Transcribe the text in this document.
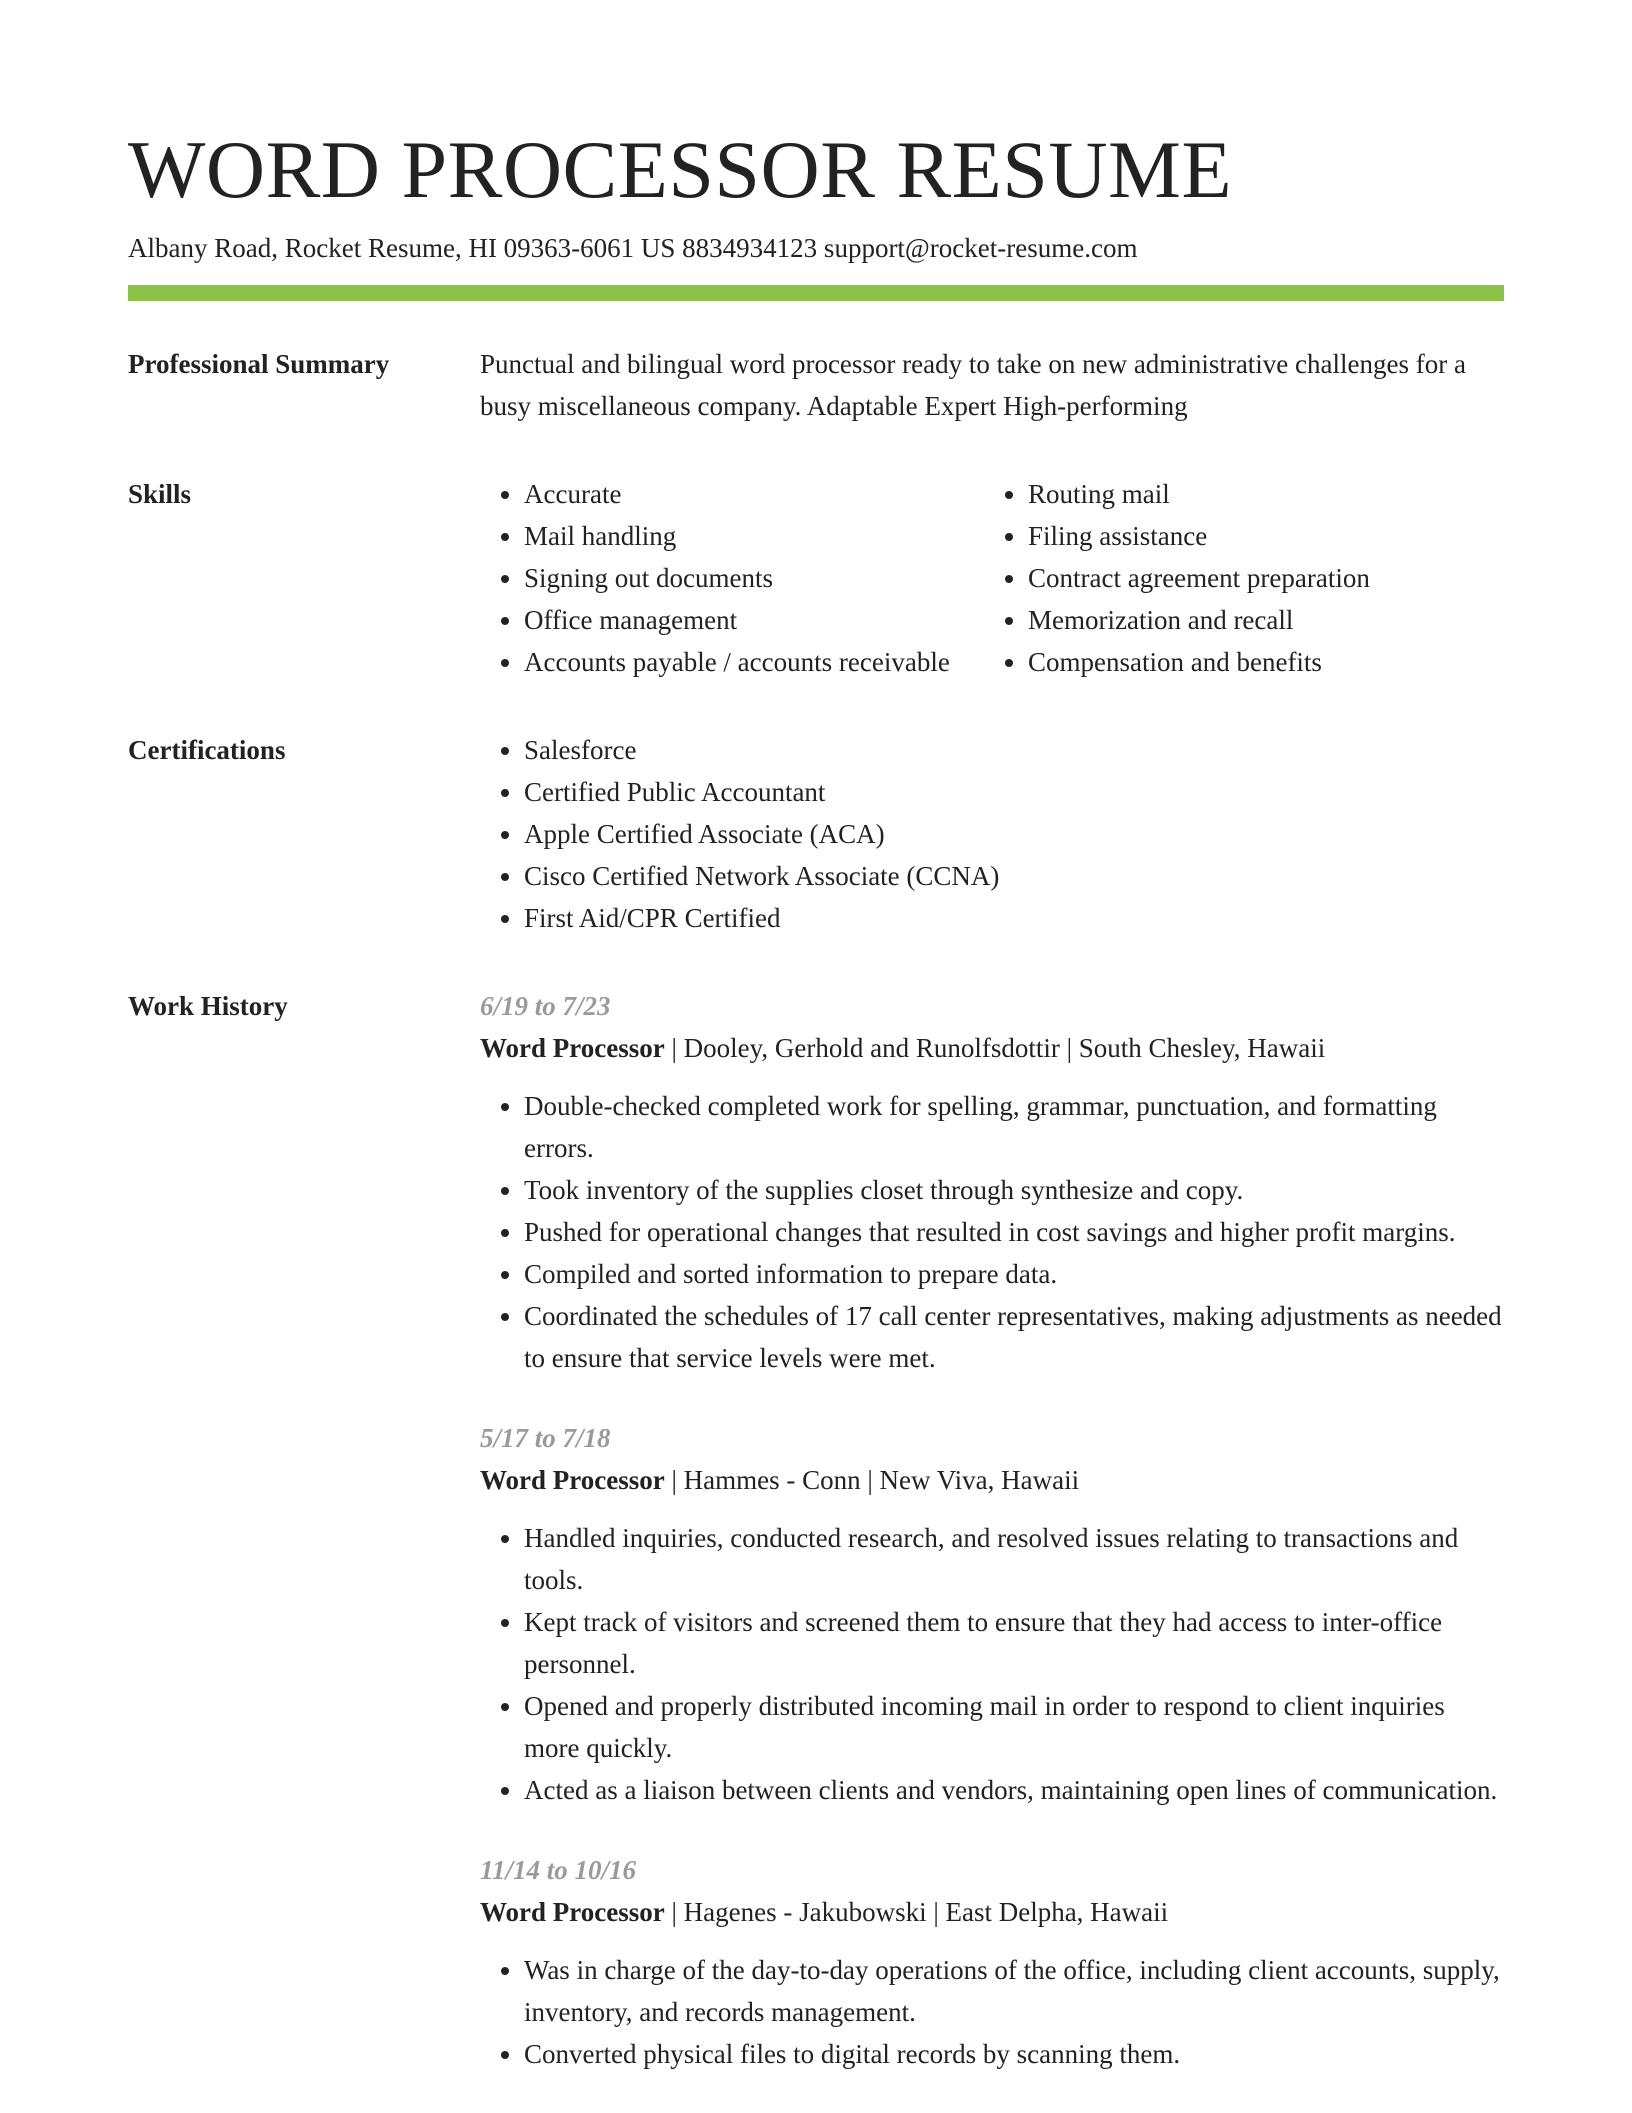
WORD PROCESSOR RESUME
Albany Road, Rocket Resume, HI 09363-6061 US 8834934123 support@rocket-resume.com
Professional Summary	Punctual and bilingual word processor ready to take on new administrative challenges for a busy miscellaneous company. Adaptable Expert High-performing

Skills	• Accurate
• Mail handling
• Signing out documents
• Office management
• Accounts payable / accounts receivable
• Routing mail
• Filing assistance
• Contract agreement preparation
• Memorization and recall
• Compensation and benefits
Certifications	• Salesforce
• Certified Public Accountant
• Apple Certified Associate (ACA)
• Cisco Certified Network Associate (CCNA)
• First Aid/CPR Certified
Work History	6/19 to 7/23
Word Processor | Dooley, Gerhold and Runolfsdottir | South Chesley, Hawaii
• Double-checked completed work for spelling, grammar, punctuation, and formatting errors.
• Took inventory of the supplies closet through synthesize and copy.
• Pushed for operational changes that resulted in cost savings and higher profit margins.
• Compiled and sorted information to prepare data.
• Coordinated the schedules of 17 call center representatives, making adjustments as needed to ensure that service levels were met.
5/17 to 7/18
Word Processor | Hammes - Conn | New Viva, Hawaii
• Handled inquiries, conducted research, and resolved issues relating to transactions and tools.
• Kept track of visitors and screened them to ensure that they had access to inter-office personnel.
• Opened and properly distributed incoming mail in order to respond to client inquiries more quickly.
• Acted as a liaison between clients and vendors, maintaining open lines of communication.
11/14 to 10/16
Word Processor | Hagenes - Jakubowski | East Delpha, Hawaii
• Was in charge of the day-to-day operations of the office, including client accounts, supply, inventory, and records management.
• Converted physical files to digital records by scanning them.
